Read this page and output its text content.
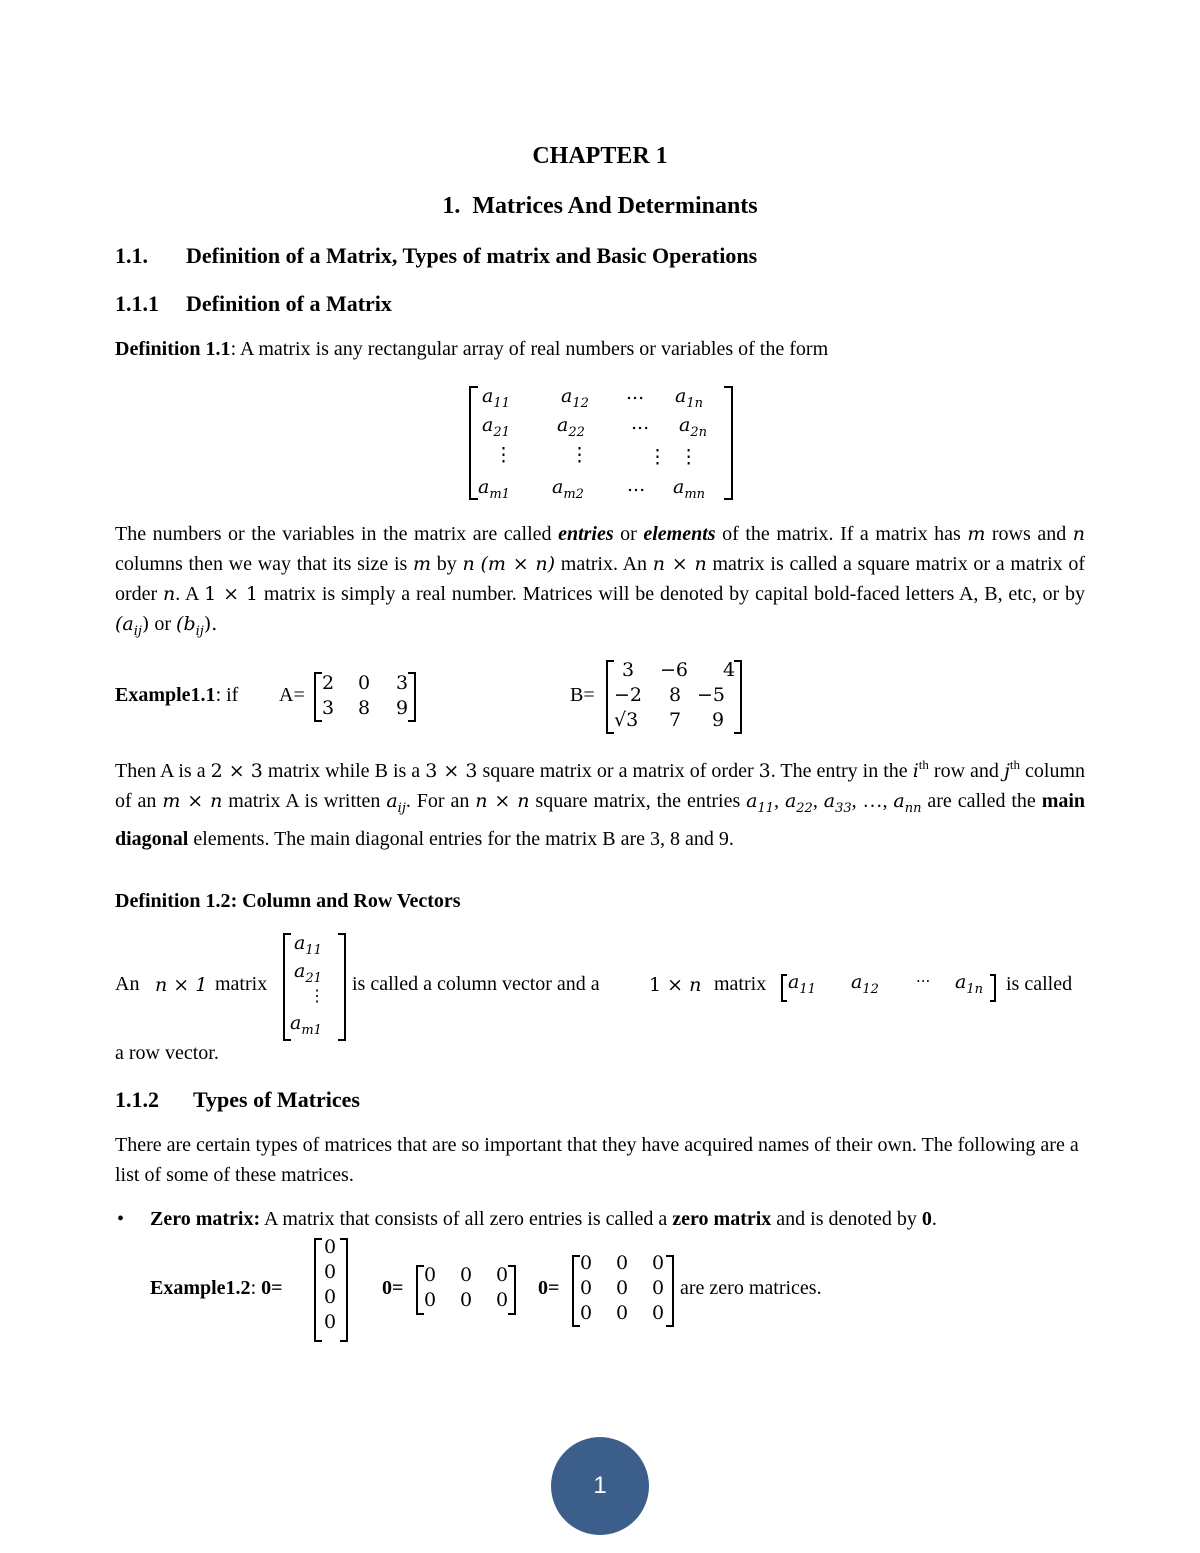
CHAPTER 1
1.  Matrices And Determinants
1.1. Definition of a Matrix, Types of matrix and Basic Operations
1.1.1 Definition of a Matrix
Definition 1.1: A matrix is any rectangular array of real numbers or variables of the form
$a_{11}$	$a_{12}$ ... $a_{1n}$
$a_{21}$ $a_{22}$ ... $a_{2n}$
⋮	⋮	⋮  ⋮
$a_{m1}$ $a_{m2}$ ... $a_{mn}$
The numbers or the variables in the matrix are called entries or elements of the matrix. If a matrix has m rows and n columns then we way that its size is m by n (m × n) matrix. An n × n matrix is called a square matrix or a matrix of order n. A 1 × 1 matrix is simply a real number. Matrices will be denoted by capital bold-faced letters A, B, etc, or by $(a_{ij})$ or $(b_{ij})$.
Example1.1: if A=
2 0 3
3 8 9
B=
3 −6 4
−2 8 −5
√3 7 9
Then A is a 2 × 3 matrix while B is a 3 × 3 square matrix or a matrix of order 3. The entry in the $i^{th}$ row and $j^{th}$ column of an m × n matrix A is written $a_{ij}$. For an n × n square matrix, the entries $a_{11}$, $a_{22}$, $a_{33}$, …, $a_{nn}$ are called the main diagonal elements. The main diagonal entries for the matrix B are 3, 8 and 9.
Definition 1.2: Column and Row Vectors
An n × 1 matrix
$a_{11}$
$a_{21}$
⋮
$a_{m1}$
is called a column vector and a	1 × n matrix $a_{11}$ $a_{12}$ ··· $a_{1n}$ is called
a row vector.
1.1.2 Types of Matrices
There are certain types of matrices that are so important that they have acquired names of their own. The following are a list of some of these matrices.
• Zero matrix: A matrix that consists of all zero entries is called a zero matrix and is denoted by 0.
Example1.2: 0=
0
0
0
0
0=
0 0 0
0 0 0
0=
0 0 0
0 0 0
0 0 0
are zero matrices.
1
